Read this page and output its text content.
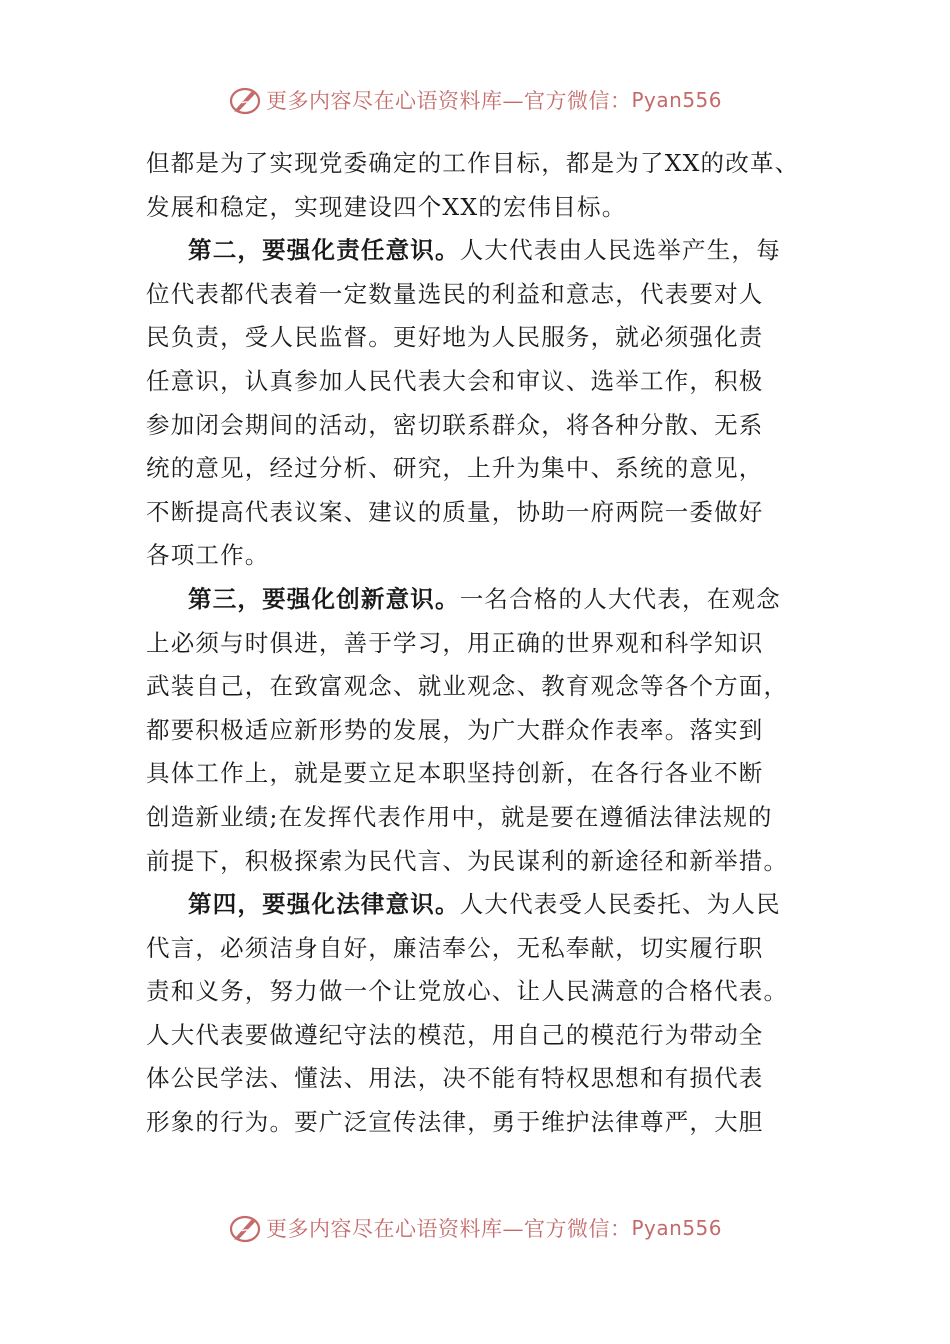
更多内容尽在心语资料库—官方微信： Pyan556
但都是为了实现党委确定的工作目标，都是为了XX的改革、
发展和稳定，实现建设四个XX的宏伟目标。
第二，要强化责任意识。人大代表由人民选举产生，每
位代表都代表着一定数量选民的利益和意志，代表要对人
民负责，受人民监督。更好地为人民服务，就必须强化责
任意识，认真参加人民代表大会和审议、选举工作，积极
参加闭会期间的活动，密切联系群众，将各种分散、无系
统的意见，经过分析、研究，上升为集中、系统的意见，
不断提高代表议案、建议的质量，协助一府两院一委做好
各项工作。
第三，要强化创新意识。一名合格的人大代表，在观念
上必须与时俱进，善于学习，用正确的世界观和科学知识
武装自己，在致富观念、就业观念、教育观念等各个方面，
都要积极适应新形势的发展，为广大群众作表率。落实到
具体工作上，就是要立足本职坚持创新，在各行各业不断
创造新业绩;在发挥代表作用中，就是要在遵循法律法规的
前提下，积极探索为民代言、为民谋利的新途径和新举措。
第四，要强化法律意识。人大代表受人民委托、为人民
代言，必须洁身自好，廉洁奉公，无私奉献，切实履行职
责和义务，努力做一个让党放心、让人民满意的合格代表。
人大代表要做遵纪守法的模范，用自己的模范行为带动全
体公民学法、懂法、用法，决不能有特权思想和有损代表
形象的行为。要广泛宣传法律，勇于维护法律尊严，大胆
更多内容尽在心语资料库—官方微信： Pyan556
